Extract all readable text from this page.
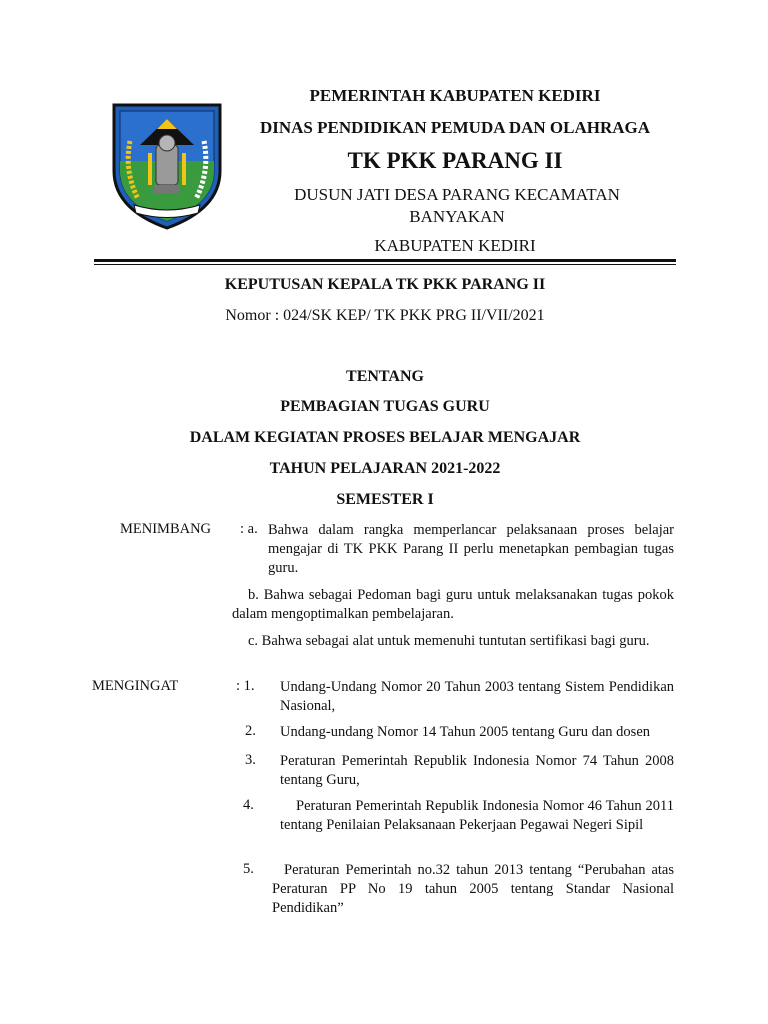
PEMERINTAH KABUPATEN KEDIRI
DINAS PENDIDIKAN PEMUDA DAN OLAHRAGA
TK PKK PARANG II
DUSUN JATI DESA PARANG KECAMATAN BANYAKAN
KABUPATEN KEDIRI
KEPUTUSAN KEPALA TK PKK PARANG II
Nomor : 024/SK KEP/ TK PKK PRG II/VII/2021
TENTANG
PEMBAGIAN TUGAS GURU
DALAM KEGIATAN PROSES BELAJAR MENGAJAR
TAHUN PELAJARAN 2021-2022
SEMESTER I
MENIMBANG : a. Bahwa dalam rangka memperlancar pelaksanaan proses belajar mengajar di TK PKK Parang II perlu menetapkan pembagian tugas guru.
b. Bahwa sebagai Pedoman bagi guru untuk melaksanakan tugas pokok dalam mengoptimalkan pembelajaran.
c. Bahwa sebagai alat untuk memenuhi tuntutan sertifikasi bagi guru.
MENGINGAT	: 1. Undang-Undang Nomor 20 Tahun 2003 tentang Sistem Pendidikan Nasional,
2. Undang-undang Nomor 14 Tahun 2005 tentang Guru dan dosen
3. Peraturan Pemerintah Republik Indonesia Nomor 74 Tahun 2008 tentang Guru,
4.	Peraturan Pemerintah Republik Indonesia Nomor 46 Tahun 2011 tentang Penilaian Pelaksanaan Pekerjaan Pegawai Negeri Sipil
5.	Peraturan Pemerintah no.32 tahun 2013 tentang “Perubahan atas Peraturan PP No 19 tahun 2005 tentang Standar Nasional Pendidikan”
